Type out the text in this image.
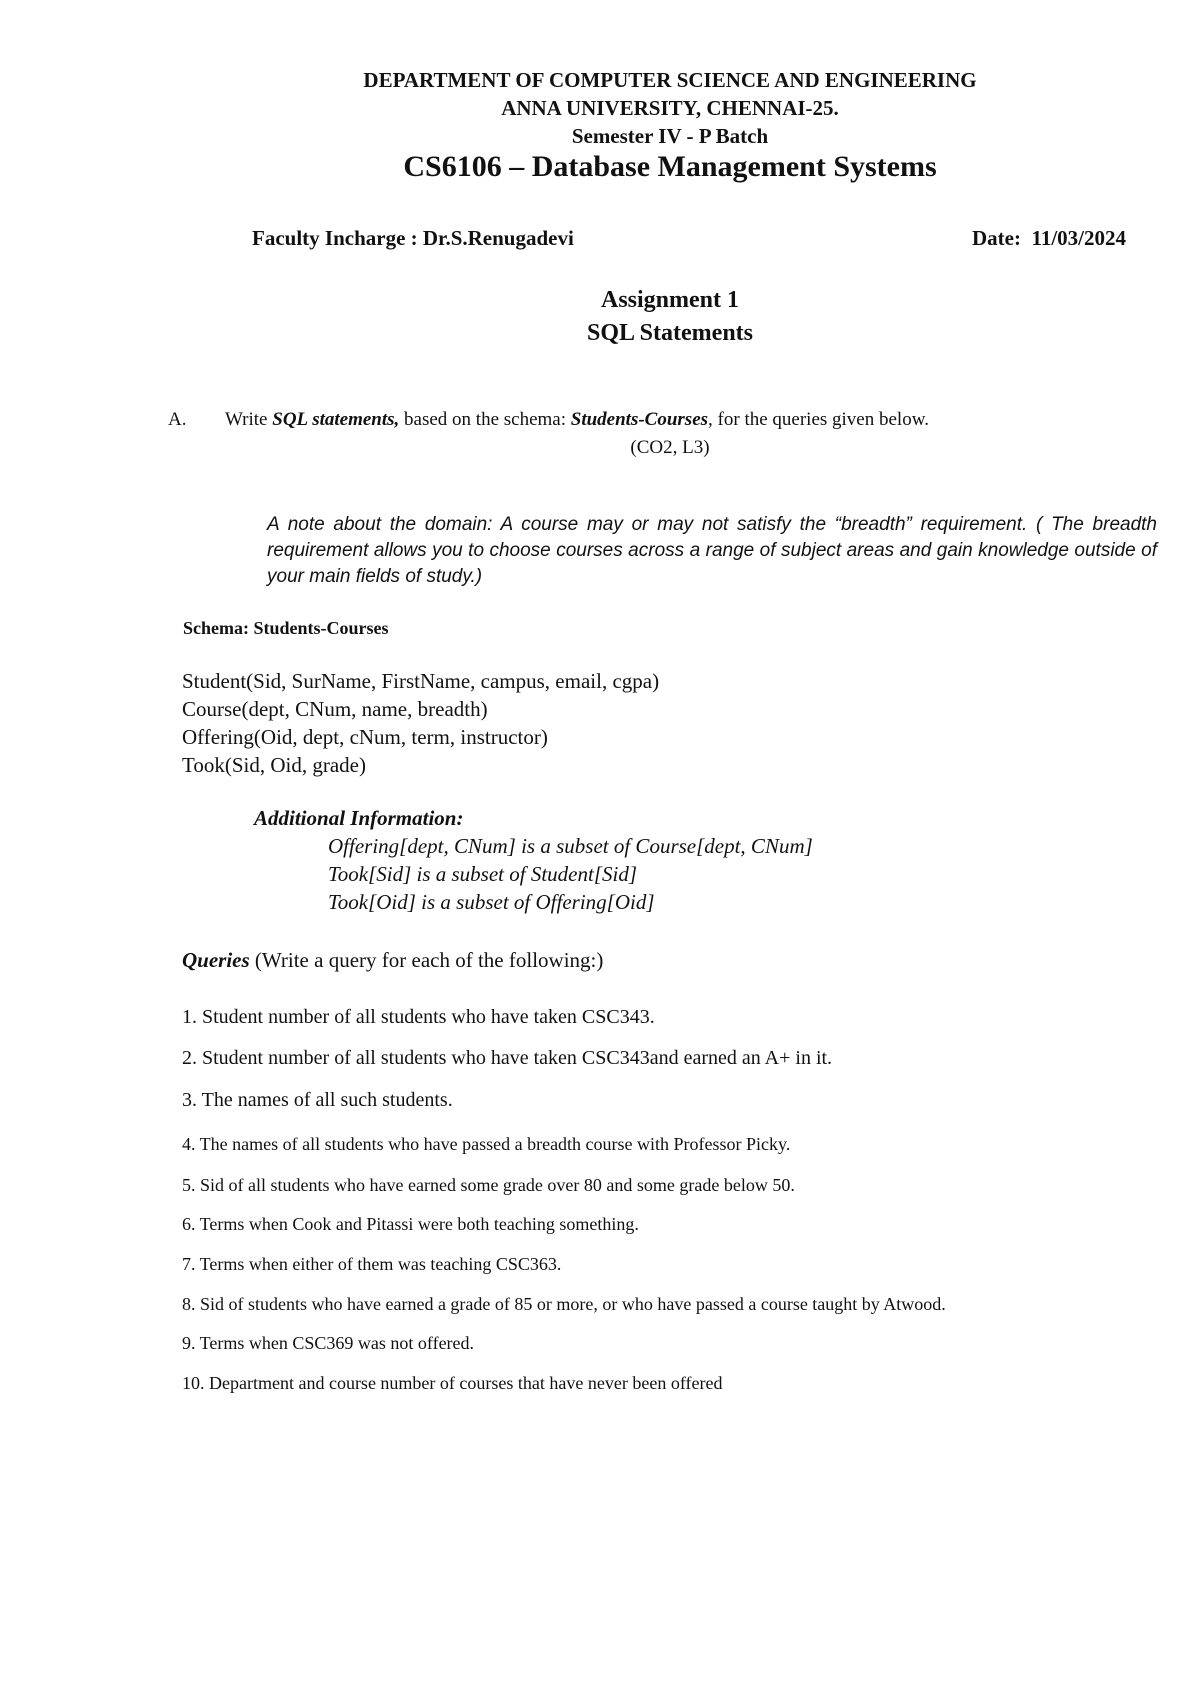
DEPARTMENT OF COMPUTER SCIENCE AND ENGINEERING
ANNA UNIVERSITY, CHENNAI-25.
Semester IV - P Batch
CS6106 – Database Management Systems
Faculty Incharge : Dr.S.Renugadevi	Date: 11/03/2024
Assignment 1
SQL Statements
A. Write SQL statements, based on the schema: Students-Courses, for the queries given below.
(CO2, L3)
A note about the domain: A course may or may not satisfy the “breadth” requirement. ( The breadth requirement allows you to choose courses across a range of subject areas and gain knowledge outside of your main fields of study.)
Schema: Students-Courses
Student(Sid, SurName, FirstName, campus, email, cgpa)
Course(dept, CNum, name, breadth)
Offering(Oid, dept, cNum, term, instructor)
Took(Sid, Oid, grade)
Additional Information:
Offering[dept, CNum] is a subset of Course[dept, CNum]
Took[Sid] is a subset of Student[Sid]
Took[Oid] is a subset of Offering[Oid]
Queries (Write a query for each of the following:)
1. Student number of all students who have taken CSC343.
2. Student number of all students who have taken CSC343and earned an A+ in it.
3. The names of all such students.
4. The names of all students who have passed a breadth course with Professor Picky.
5. Sid of all students who have earned some grade over 80 and some grade below 50.
6. Terms when Cook and Pitassi were both teaching something.
7. Terms when either of them was teaching CSC363.
8. Sid of students who have earned a grade of 85 or more, or who have passed a course taught by Atwood.
9. Terms when CSC369 was not offered.
10. Department and course number of courses that have never been offered
